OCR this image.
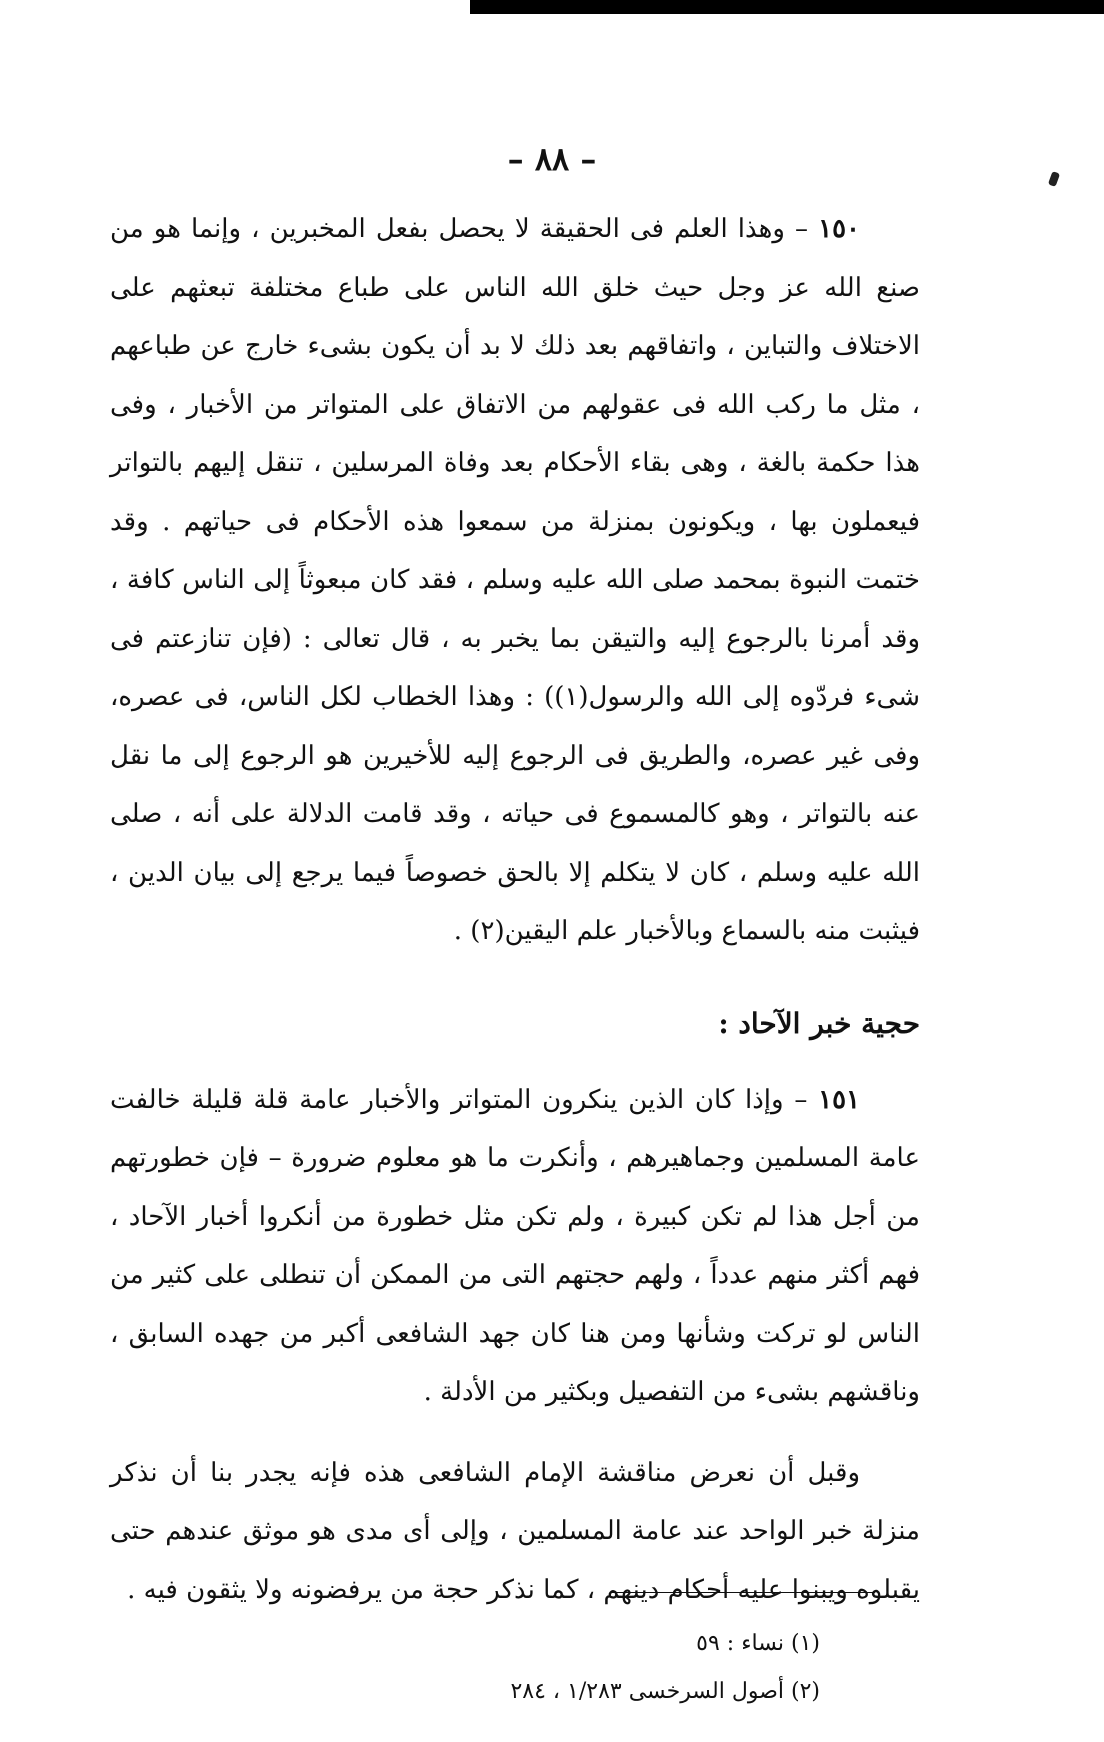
– ٨٨ –

١٥٠ – وهذا العلم فى الحقيقة لا يحصل بفعل المخبرين ، وإنما هو من صنع الله عز وجل حيث خلق الله الناس على طباع مختلفة تبعثهم على الاختلاف والتباين ، واتفاقهم بعد ذلك لا بد أن يكون بشىء خارج عن طباعهم ، مثل ما ركب الله فى عقولهم من الاتفاق على المتواتر من الأخبار ، وفى هذا حكمة بالغة ، وهى بقاء الأحكام بعد وفاة المرسلين ، تنقل إليهم بالتواتر فيعملون بها ، ويكونون بمنزلة من سمعوا هذه الأحكام فى حياتهم . وقد ختمت النبوة بمحمد صلى الله عليه وسلم ، فقد كان مبعوثاً إلى الناس كافة ، وقد أمرنا بالرجوع إليه والتيقن بما يخبر به ، قال تعالى : (فإن تنازعتم فى شىء فردّوه إلى الله والرسول(١)) : وهذا الخطاب لكل الناس، فى عصره، وفى غير عصره، والطريق فى الرجوع إليه للأخيرين هو الرجوع إلى ما نقل عنه بالتواتر ، وهو كالمسموع فى حياته ، وقد قامت الدلالة على أنه ، صلى الله عليه وسلم ، كان لا يتكلم إلا بالحق خصوصاً فيما يرجع إلى بيان الدين ، فيثبت منه بالسماع وبالأخبار علم اليقين(٢) .

حجية خبر الآحاد :

١٥١ – وإذا كان الذين ينكرون المتواتر والأخبار عامة قلة قليلة خالفت عامة المسلمين وجماهيرهم ، وأنكرت ما هو معلوم ضرورة – فإن خطورتهم من أجل هذا لم تكن كبيرة ، ولم تكن مثل خطورة من أنكروا أخبار الآحاد ، فهم أكثر منهم عدداً ، ولهم حجتهم التى من الممكن أن تنطلى على كثير من الناس لو تركت وشأنها ومن هنا كان جهد الشافعى أكبر من جهده السابق ، وناقشهم بشىء من التفصيل وبكثير من الأدلة .

وقبل أن نعرض مناقشة الإمام الشافعى هذه فإنه يجدر بنا أن نذكر منزلة خبر الواحد عند عامة المسلمين ، وإلى أى مدى هو موثق عندهم حتى يقبلوه ويبنوا عليه أحكام دينهم ، كما نذكر حجة من يرفضونه ولا يثقون فيه .

(١) نساء : ٥٩

(٢) أصول السرخسى ١/٢٨٣ ، ٢٨٤
